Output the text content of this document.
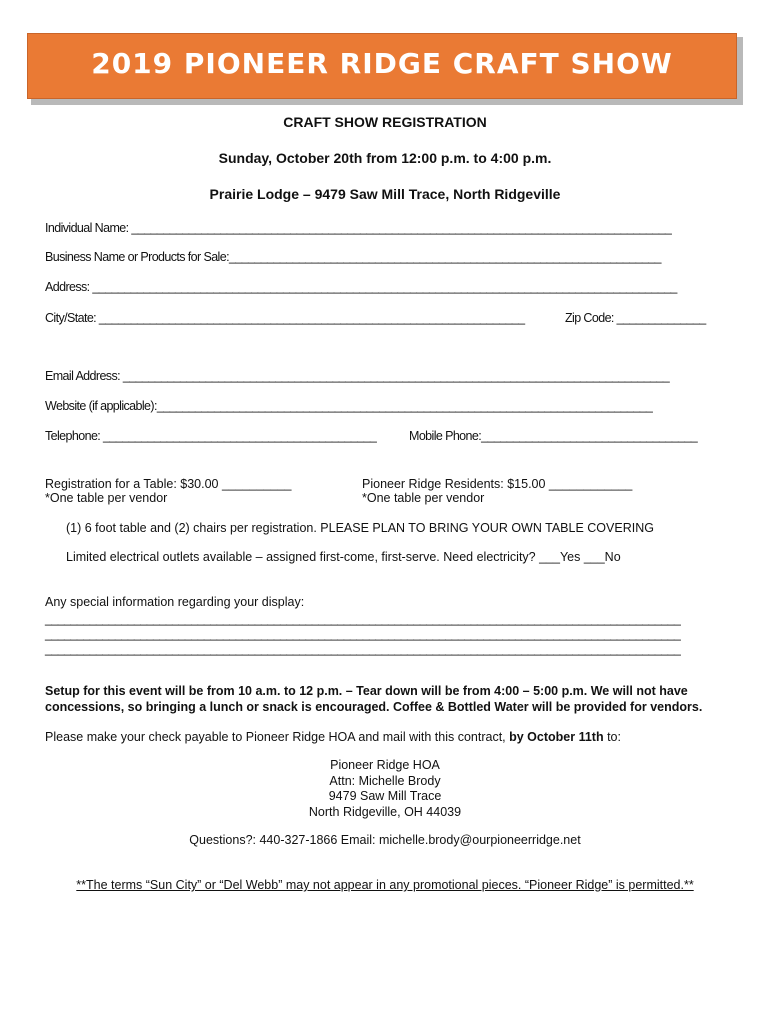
2019 PIONEER RIDGE CRAFT SHOW
CRAFT SHOW REGISTRATION
Sunday, October 20th from 12:00 p.m. to 4:00 p.m.
Prairie Lodge – 9479 Saw Mill Trace, North Ridgeville
Individual Name: _____________________________________________________________________________________
Business Name or Products for Sale:____________________________________________________________________
Address: ____________________________________________________________________________________________
City/State: ___________________________________________________________________	Zip Code: ______________
Email Address: ______________________________________________________________________________________
Website (if applicable):______________________________________________________________________________
Telephone: ___________________________________________	Mobile Phone:__________________________________
Registration for a Table: $30.00 __________
*One table per vendor
Pioneer Ridge Residents: $15.00 ____________
*One table per vendor
(1) 6 foot table and (2) chairs per registration. PLEASE PLAN TO BRING YOUR OWN TABLE COVERING
Limited electrical outlets available – assigned first-come, first-serve. Need electricity? ___Yes ___No
Any special information regarding your display:
____________________________________________________________________________________________________
____________________________________________________________________________________________________
____________________________________________________________________________________________________
Setup for this event will be from 10 a.m. to 12 p.m. – Tear down will be from 4:00 – 5:00 p.m. We will not have
concessions, so bringing a lunch or snack is encouraged. Coffee & Bottled Water will be provided for vendors.
Please make your check payable to Pioneer Ridge HOA and mail with this contract, by October 11th to:
Pioneer Ridge HOA
Attn: Michelle Brody
9479 Saw Mill Trace
North Ridgeville, OH 44039
Questions?: 440-327-1866 Email: michelle.brody@ourpioneerridge.net
**The terms “Sun City” or “Del Webb” may not appear in any promotional pieces. “Pioneer Ridge” is permitted.**
